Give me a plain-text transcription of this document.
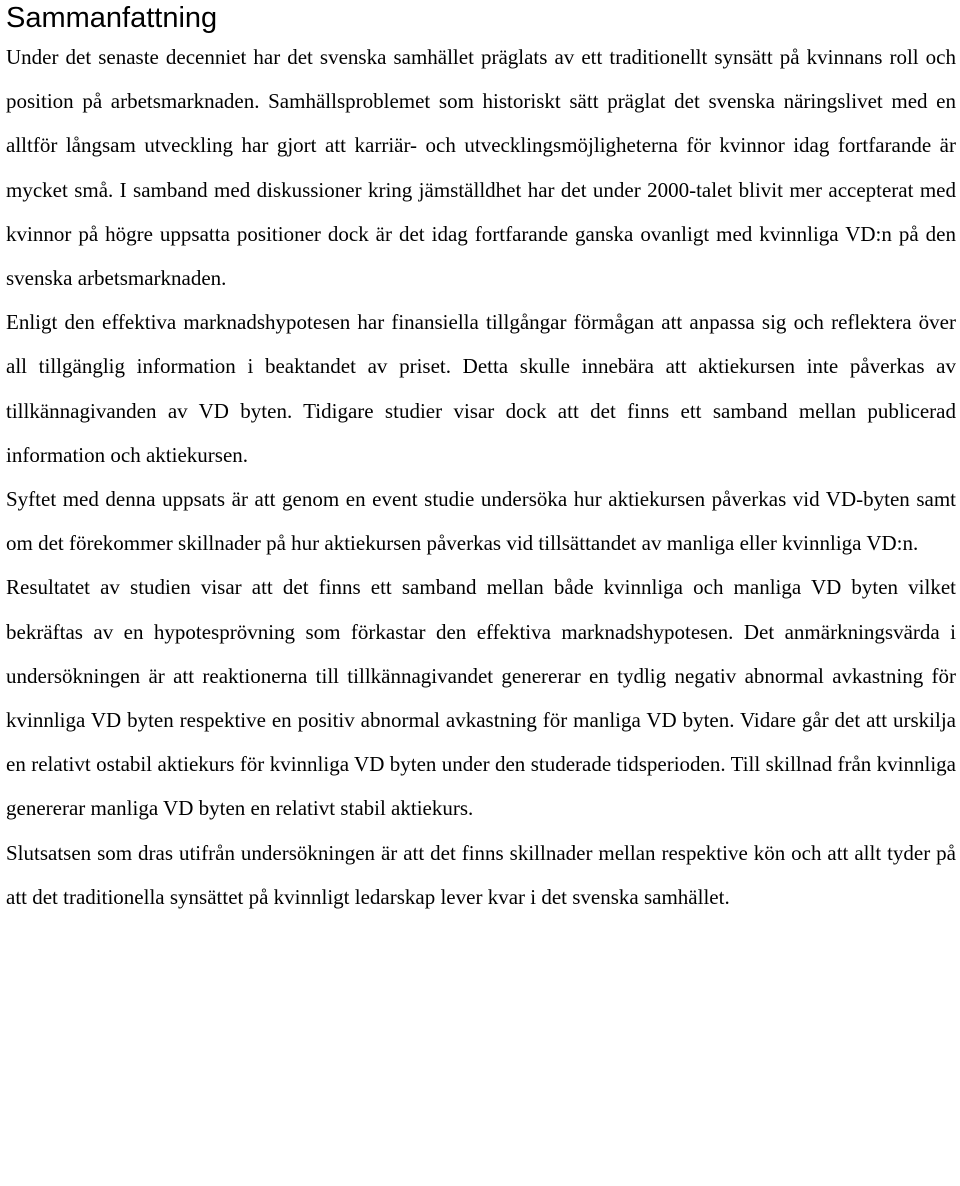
Sammanfattning

Under det senaste decenniet har det svenska samhället präglats av ett traditionellt synsätt på kvinnans roll och position på arbetsmarknaden. Samhällsproblemet som historiskt sätt präglat det svenska näringslivet med en alltför långsam utveckling har gjort att karriär- och utvecklingsmöjligheterna för kvinnor idag fortfarande är mycket små. I samband med diskussioner kring jämställdhet har det under 2000-talet blivit mer accepterat med kvinnor på högre uppsatta positioner dock är det idag fortfarande ganska ovanligt med kvinnliga VD:n på den svenska arbetsmarknaden.

Enligt den effektiva marknadshypotesen har finansiella tillgångar förmågan att anpassa sig och reflektera över all tillgänglig information i beaktandet av priset. Detta skulle innebära att aktiekursen inte påverkas av tillkännagivanden av VD byten. Tidigare studier visar dock att det finns ett samband mellan publicerad information och aktiekursen.

Syftet med denna uppsats är att genom en event studie undersöka hur aktiekursen påverkas vid VD-byten samt om det förekommer skillnader på hur aktiekursen påverkas vid tillsättandet av manliga eller kvinnliga VD:n.

Resultatet av studien visar att det finns ett samband mellan både kvinnliga och manliga VD byten vilket bekräftas av en hypotesprövning som förkastar den effektiva marknadshypotesen. Det anmärkningsvärda i undersökningen är att reaktionerna till tillkännagivandet genererar en tydlig negativ abnormal avkastning för kvinnliga VD byten respektive en positiv abnormal avkastning för manliga VD byten. Vidare går det att urskilja en relativt ostabil aktiekurs för kvinnliga VD byten under den studerade tidsperioden. Till skillnad från kvinnliga genererar manliga VD byten en relativt stabil aktiekurs.

Slutsatsen som dras utifrån undersökningen är att det finns skillnader mellan respektive kön och att allt tyder på att det traditionella synsättet på kvinnligt ledarskap lever kvar i det svenska samhället.
